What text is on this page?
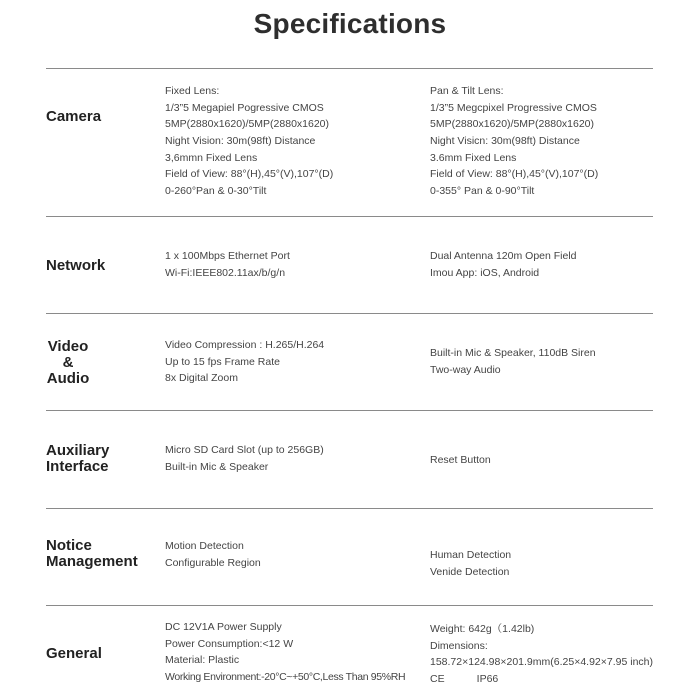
Specifications
Camera
Fixed Lens:
1/3”5 Megapiel Pogressive CMOS
5MP(2880x1620)/5MP(2880x1620)
Night Vision: 30m(98ft) Distance
3,6mmn Fixed Lens
Field of View: 88°(H),45°(V),107°(D)
0-260°Pan & 0-30°Tilt
Pan & Tilt Lens:
1/3”5 Megcpixel Progressive CMOS
5MP(2880x1620)/5MP(2880x1620)
Night Visicn: 30m(98ft) Distance
3.6mm Fixed Lens
Field of View: 88°(H),45°(V),107°(D)
0-355° Pan & 0-90°Tilt
Network
1 x 100Mbps Ethernet Port
Wi-Fi:IEEE802.11ax/b/g/n
Dual Antenna 120m Open Field
Imou App: iOS, Android
Video
&
Audio
Video Compression : H.265/H.264
Up to 15 fps Frame Rate
8x Digital Zoom
Built-in Mic & Speaker, 110dB Siren
Two-way Audio
Auxiliary
Interface
Micro SD Card Slot (up to 256GB)
Built-in Mic & Speaker
Reset Button
Notice
Management
Motion Detection
Configurable Region
Human Detection
Venide Detection
General
DC 12V1A Power Supply
Power Consumption:<12 W
Material: Plastic
Working Environment:-20°C~+50°C,Less Than 95%RH
Weight: 642g（1.42lb)
Dimensions:
158.72×124.98×201.9mm(6.25×4.92×7.95 inch)
CE           IP66
